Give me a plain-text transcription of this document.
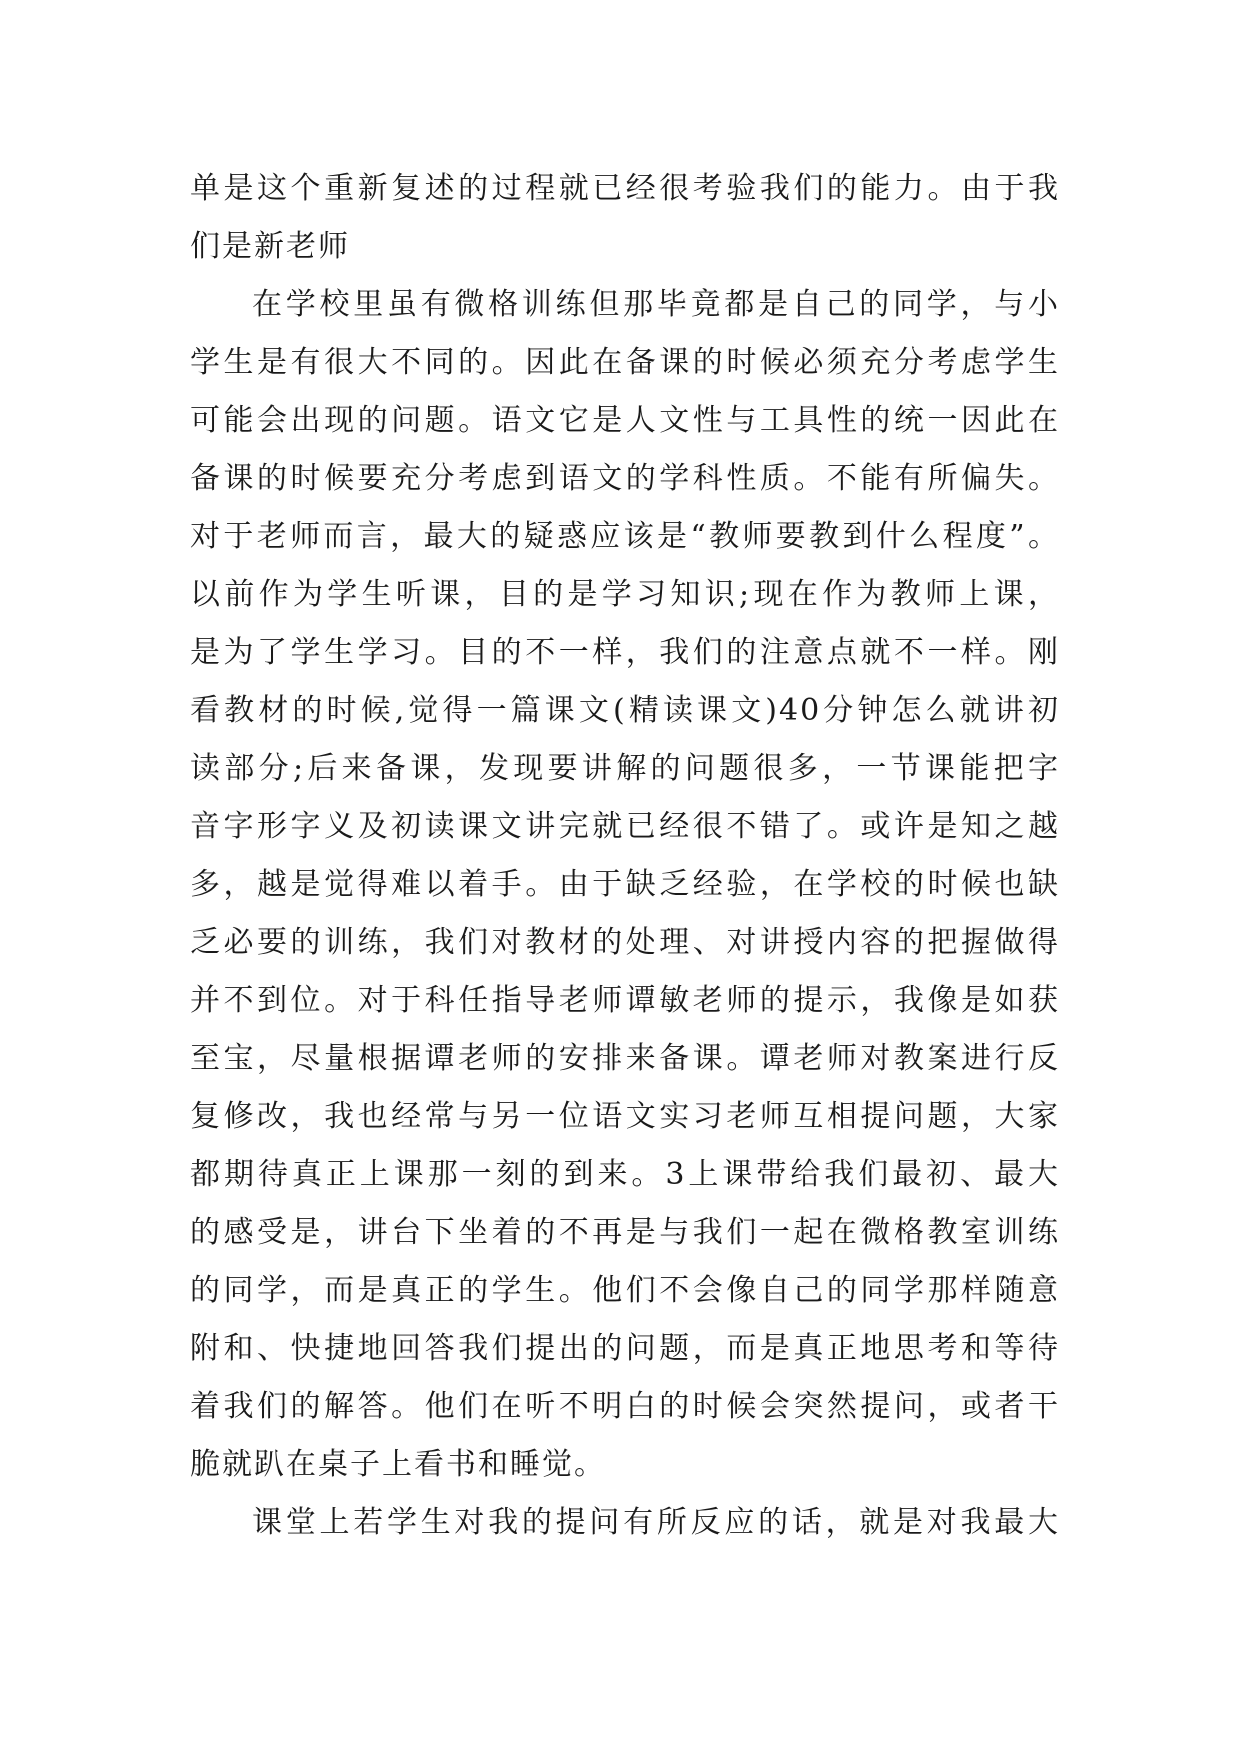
单是这个重新复述的过程就已经很考验我们的能力。由于我
们是新老师
在学校里虽有微格训练但那毕竟都是自己的同学，与小
学生是有很大不同的。因此在备课的时候必须充分考虑学生
可能会出现的问题。语文它是人文性与工具性的统一因此在
备课的时候要充分考虑到语文的学科性质。不能有所偏失。
对于老师而言，最大的疑惑应该是“教师要教到什么程度”。
以前作为学生听课，目的是学习知识;现在作为教师上课，
是为了学生学习。目的不一样，我们的注意点就不一样。刚
看教材的时候,觉得一篇课文(精读课文)40分钟怎么就讲初
读部分;后来备课，发现要讲解的问题很多，一节课能把字
音字形字义及初读课文讲完就已经很不错了。或许是知之越
多，越是觉得难以着手。由于缺乏经验，在学校的时候也缺
乏必要的训练，我们对教材的处理、对讲授内容的把握做得
并不到位。对于科任指导老师谭敏老师的提示，我像是如获
至宝，尽量根据谭老师的安排来备课。谭老师对教案进行反
复修改，我也经常与另一位语文实习老师互相提问题，大家
都期待真正上课那一刻的到来。3上课带给我们最初、最大
的感受是，讲台下坐着的不再是与我们一起在微格教室训练
的同学，而是真正的学生。他们不会像自己的同学那样随意
附和、快捷地回答我们提出的问题，而是真正地思考和等待
着我们的解答。他们在听不明白的时候会突然提问，或者干
脆就趴在桌子上看书和睡觉。
课堂上若学生对我的提问有所反应的话，就是对我最大
